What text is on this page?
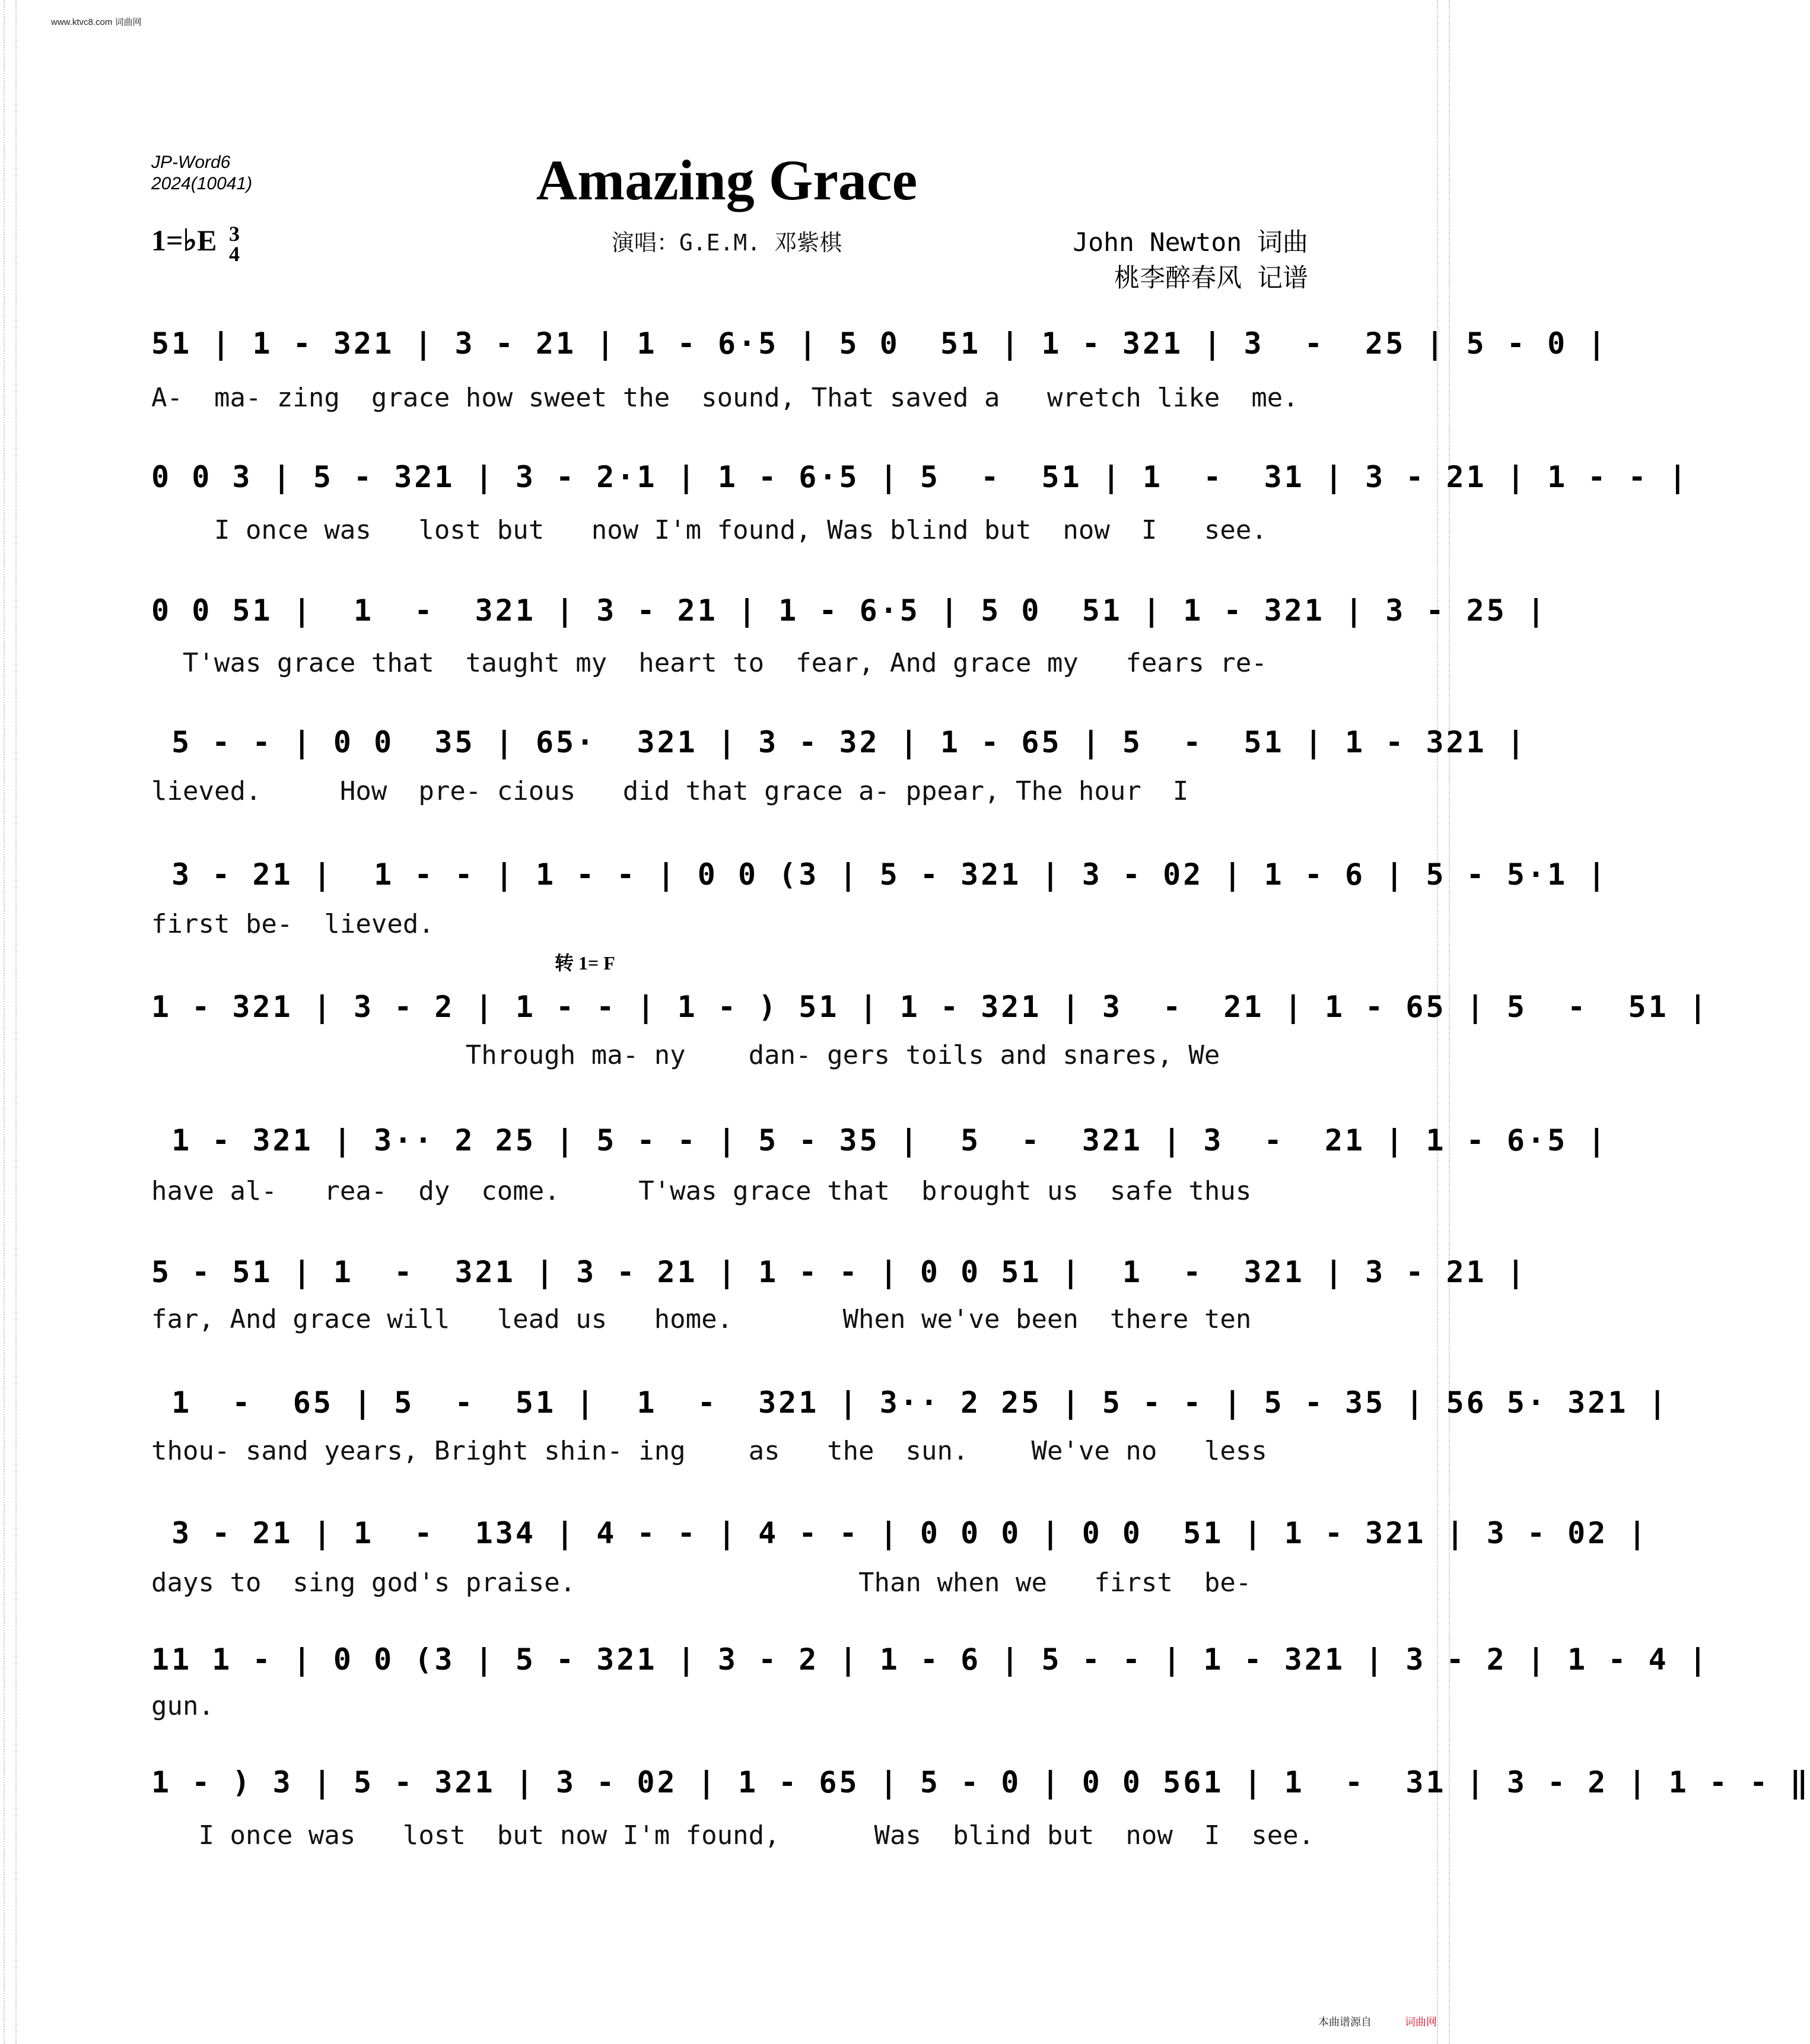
www.ktvc8.com 词曲网
JP-Word6
2024(10041)	Amazing Grace
演唱：G.E.M. 邓紫棋	John Newton 词曲
桃李醉春风 记谱
1=♭E 3
4
转 1= F
51 | 1 - 321 | 3 - 21 | 1 - 6·5 | 5 0  51 | 1 - 321 | 3  -  25 | 5 - 0 |
A-  ma- zing  grace how sweet the  sound, That saved a   wretch like  me.
0 0 3 | 5 - 321 | 3 - 2·1 | 1 - 6·5 | 5  -  51 | 1  -  31 | 3 - 21 | 1 - - |
I once was   lost but   now I'm found, Was blind but  now  I   see.
0 0 51 |  1  -  321 | 3 - 21 | 1 - 6·5 | 5 0  51 | 1 - 321 | 3 - 25 |
T'was grace that  taught my  heart to  fear, And grace my   fears re-
5 - - | 0 0  35 | 65·  321 | 3 - 32 | 1 - 65 | 5  -  51 | 1 - 321 |
lieved.     How  pre- cious   did that grace a- ppear, The hour  I
3 - 21 |  1 - - | 1 - - | 0 0 (3 | 5 - 321 | 3 - 02 | 1 - 6 | 5 - 5·1 |
first be-  lieved.
1 - 321 | 3 - 2 | 1 - - | 1 - ) 51 | 1 - 321 | 3  -  21 | 1 - 65 | 5  -  51 |
Through ma- ny    dan- gers toils and snares, We
1 - 321 | 3·· 2 25 | 5 - - | 5 - 35 |  5  -  321 | 3  -  21 | 1 - 6·5 |
have al-   rea-  dy  come.     T'was grace that  brought us  safe thus
5 - 51 | 1  -  321 | 3 - 21 | 1 - - | 0 0 51 |  1  -  321 | 3 - 21 |
far, And grace will   lead us   home.       When we've been  there ten
1  -  65 | 5  -  51 |  1  -  321 | 3·· 2 25 | 5 - - | 5 - 35 | 56 5· 321 |
thou- sand years, Bright shin- ing    as   the  sun.    We've no   less
3 - 21 | 1  -  134 | 4 - - | 4 - - | 0 0 0 | 0 0  51 | 1 - 321 | 3 - 02 |
days to  sing god's praise.                  Than when we   first  be-
11 1 - | 0 0 (3 | 5 - 321 | 3 - 2 | 1 - 6 | 5 - - | 1 - 321 | 3 - 2 | 1 - 4 |
gun.
1 - ) 3 | 5 - 321 | 3 - 02 | 1 - 65 | 5 - 0 | 0 0 561 | 1  -  31 | 3 - 2 | 1 - - ‖
I once was   lost  but now I'm found,      Was  blind but  now  I  see.
本曲谱源自	词曲网
